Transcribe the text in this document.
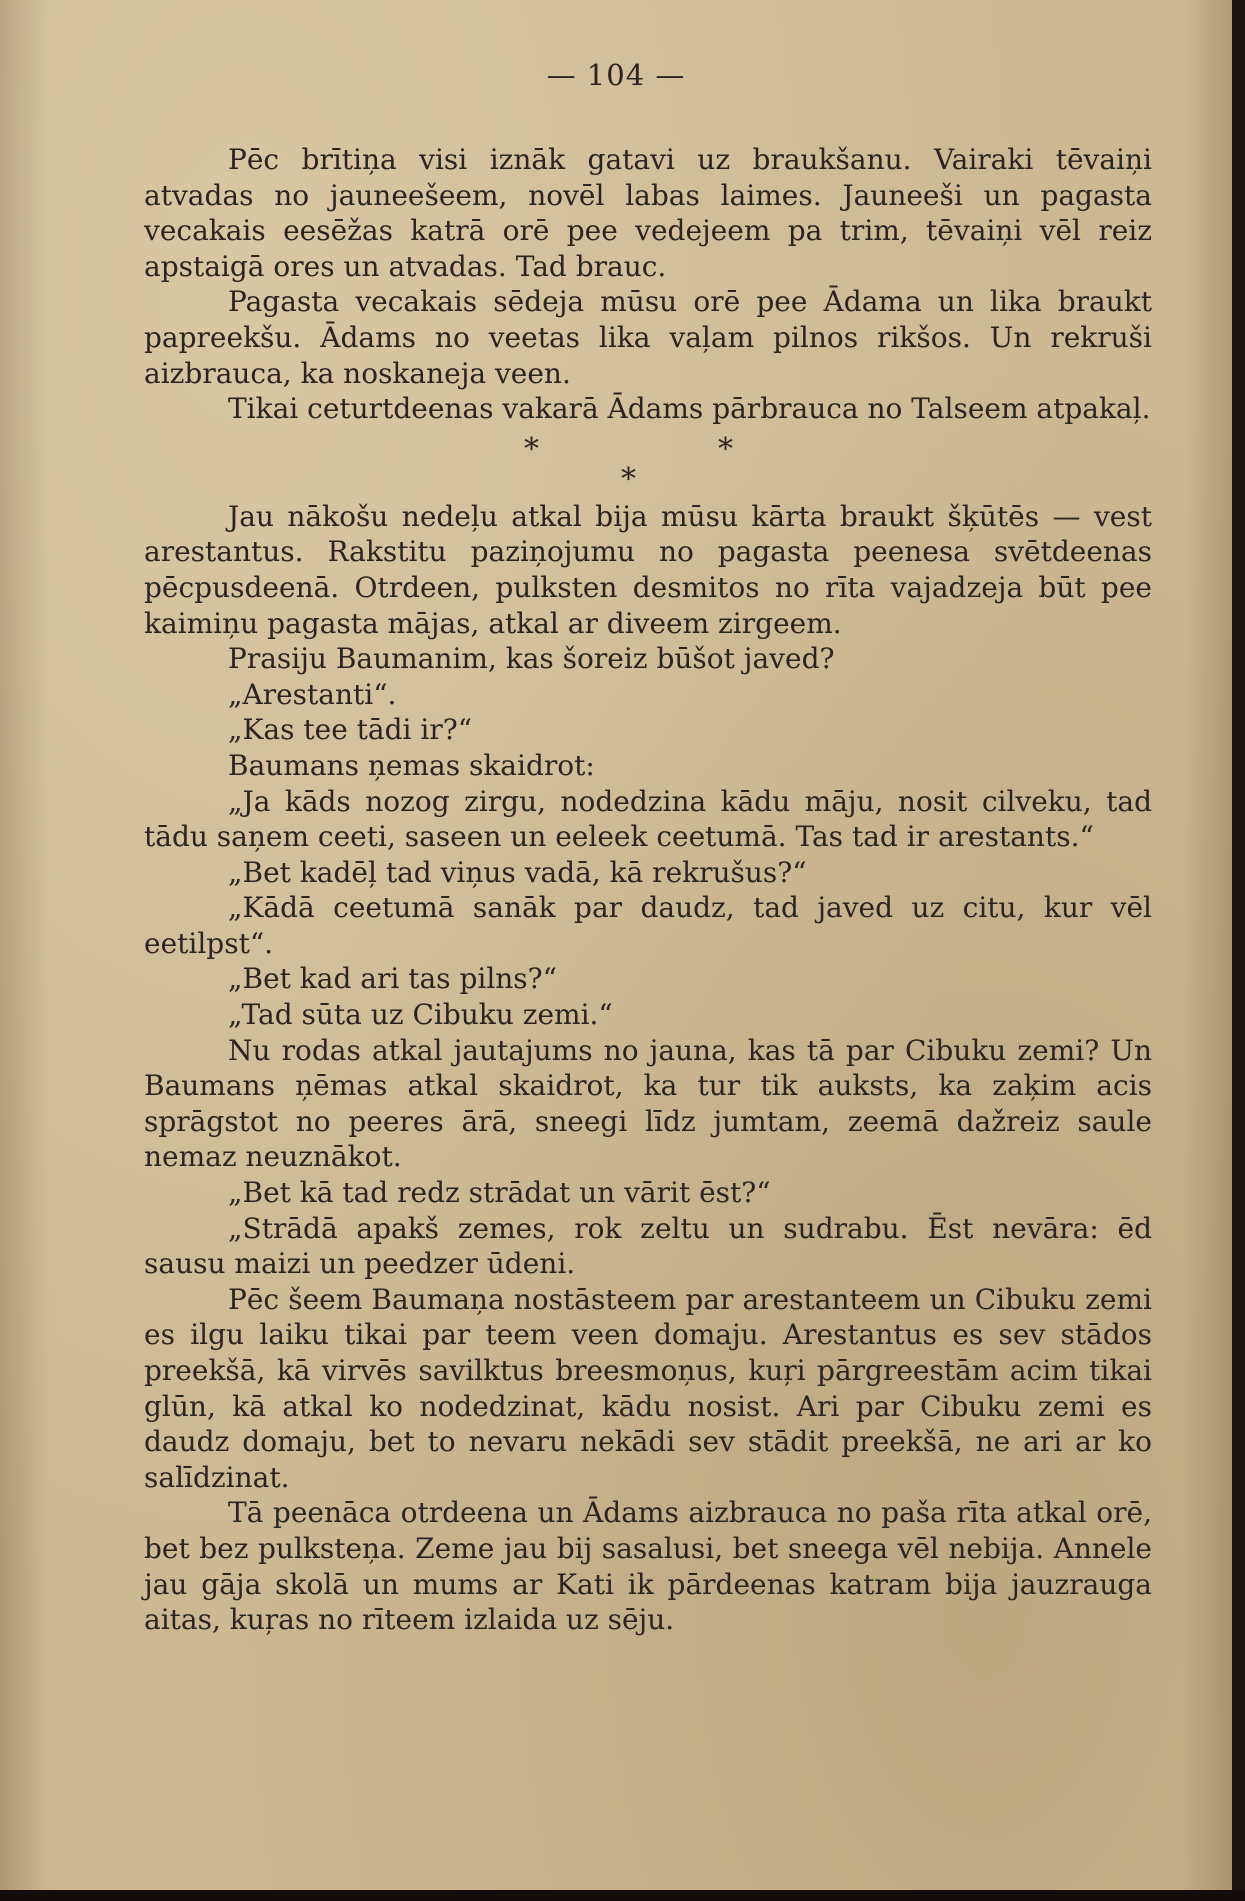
— 104 —

Pēc brītiņa visi iznāk gatavi uz braukšanu. Vairaki tēvaiņi atvadas no jauneešeem, novēl labas laimes. Jauneeši un pagasta vecakais eesēžas katrā orē pee vedejeem pa trim, tēvaiņi vēl reiz apstaigā ores un atvadas. Tad brauc.

Pagasta vecakais sēdeja mūsu orē pee Ādama un lika braukt papreekšu. Ādams no veetas lika vaļam pilnos rikšos. Un rekruši aizbrauca, ka noskaneja veen.

Tikai ceturtdeenas vakarā Ādams pārbrauca no Talseem atpakaļ.

*	*
*

Jau nākošu nedeļu atkal bija mūsu kārta braukt šķūtēs — vest arestantus. Rakstitu paziņojumu no pagasta peenesa svētdeenas pēcpusdeenā. Otrdeen, pulksten desmitos no rīta vajadzeja būt pee kaimiņu pagasta mājas, atkal ar diveem zirgeem.

Prasiju Baumanim, kas šoreiz būšot javed?

„Arestanti“.

„Kas tee tādi ir?“

Baumans ņemas skaidrot:

„Ja kāds nozog zirgu, nodedzina kādu māju, nosit cilveku, tad tādu saņem ceeti, saseen un eeleek ceetumā. Tas tad ir arestants.“

„Bet kadēļ tad viņus vadā, kā rekrušus?“

„Kādā ceetumā sanāk par daudz, tad javed uz citu, kur vēl eetilpst“.

„Bet kad ari tas pilns?“

„Tad sūta uz Cibuku zemi.“

Nu rodas atkal jautajums no jauna, kas tā par Cibuku zemi? Un Baumans ņēmas atkal skaidrot, ka tur tik auksts, ka zaķim acis sprāgstot no peeres ārā, sneegi līdz jumtam, zeemā dažreiz saule nemaz neuznākot.

„Bet kā tad redz strādat un vārit ēst?“

„Strādā apakš zemes, rok zeltu un sudrabu. Ēst nevāra: ēd sausu maizi un peedzer ūdeni.

Pēc šeem Baumaņa nostāsteem par arestanteem un Cibuku zemi es ilgu laiku tikai par teem veen domaju. Arestantus es sev stādos preekšā, kā virvēs savilktus breesmoņus, kuŗi pārgreestām acim tikai glūn, kā atkal ko nodedzinat, kādu nosist. Ari par Cibuku zemi es daudz domaju, bet to nevaru nekādi sev stādit preekšā, ne ari ar ko salīdzinat.

Tā peenāca otrdeena un Ādams aizbrauca no paša rīta atkal orē, bet bez pulksteņa. Zeme jau bij sasalusi, bet sneega vēl nebija. Annele jau gāja skolā un mums ar Kati ik pārdeenas katram bija jauzrauga aitas, kuŗas no rīteem izlaida uz sēju.
